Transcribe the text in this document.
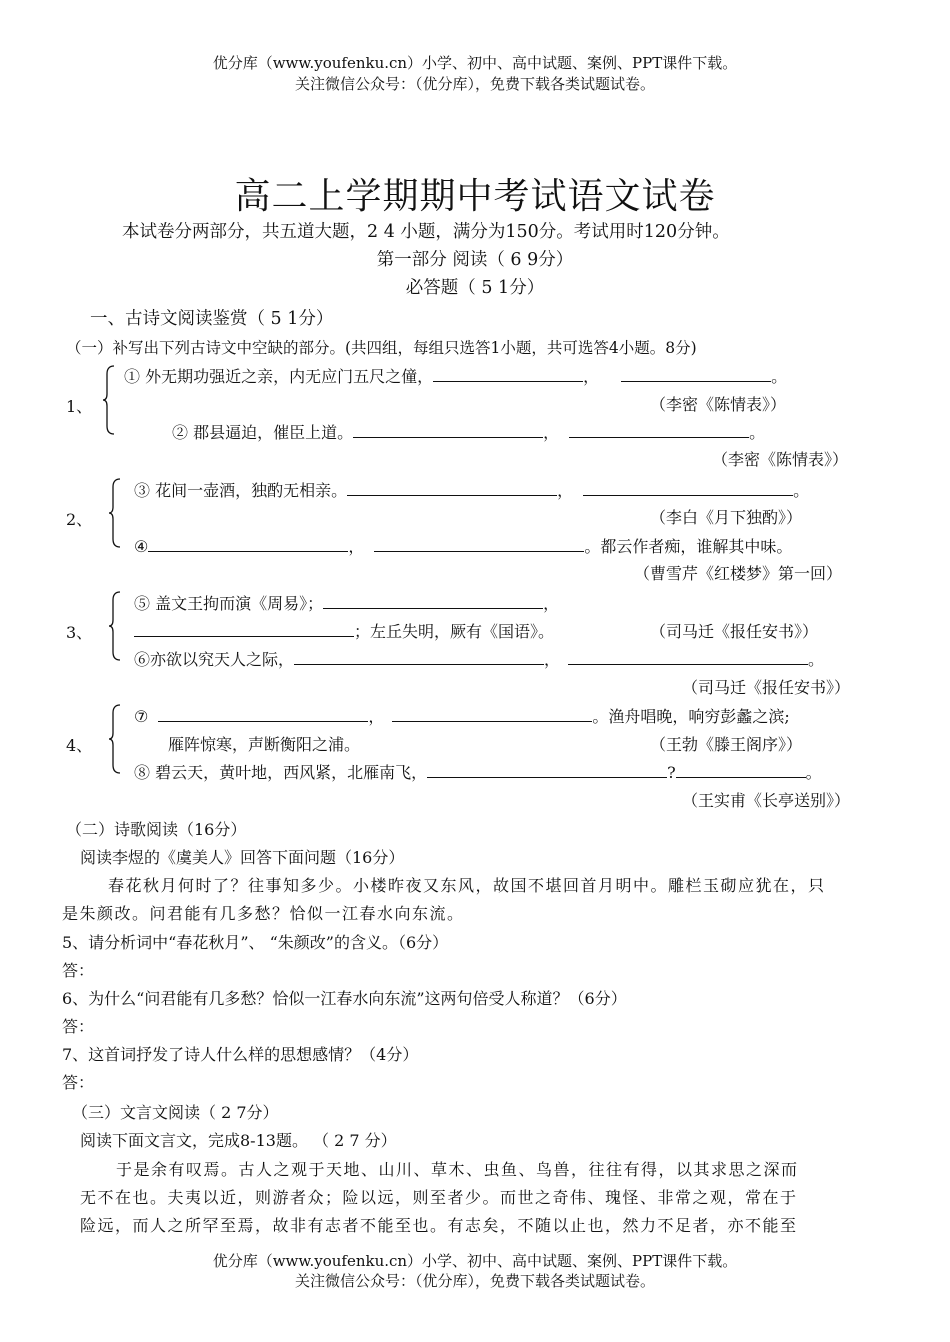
优分库（www.youfenku.cn）小学、初中、高中试题、案例、PPT课件下载。
关注微信公众号：（优分库），免费下载各类试题试卷。
高二上学期期中考试语文试卷
本试卷分两部分，共五道大题，2 4 小题，满分为150分。考试用时120分钟。
第一部分 阅读（ 6 9分）
必答题（ 5 1分）
一、古诗文阅读鉴赏（ 5 1分）
（一）补写出下列古诗文中空缺的部分。(共四组，每组只选答1小题，共可选答4小题。8分)
1、
① 外无期功强近之亲，内无应门五尺之僮，	，	。
（李密《陈情表》）
② 郡县逼迫，催臣上道。	，	。
（李密《陈情表》）
2、
③ 花间一壶酒，独酌无相亲。	，	。
（李白《月下独酌》）
④	，	。都云作者痴，谁解其中味。
（曹雪芹《红楼梦》第一回）
3、
⑤ 盖文王拘而演《周易》；	，
；左丘失明，厥有《国语》。	（司马迁《报任安书》）
⑥亦欲以究天人之际，	，	。
（司马迁《报任安书》）
4、
⑦	，	。渔舟唱晚，响穷彭蠡之滨;
雁阵惊寒，声断衡阳之浦。	（王勃《滕王阁序》）
⑧ 碧云天，黄叶地，西风紧，北雁南飞，	?	。
（王实甫《长亭送别》）
（二）诗歌阅读（16分）
阅读李煜的《虞美人》回答下面问题（16分）
春花秋月何时了？往事知多少。小楼昨夜又东风，故国不堪回首月明中。雕栏玉砌应犹在，只
是朱颜改。问君能有几多愁？恰似一江春水向东流。
5、请分析词中“春花秋月”、 “朱颜改”的含义。（6分）
答：
6、为什么“问君能有几多愁？恰似一江春水向东流”这两句倍受人称道？（6分）
答：
7、这首词抒发了诗人什么样的思想感情？（4分）
答：
（三）文言文阅读（ 2 7分）
阅读下面文言文，完成8-13题。 （ 2 7 分）
于是余有叹焉。古人之观于天地、山川、草木、虫鱼、鸟兽，往往有得，以其求思之深而
无不在也。夫夷以近，则游者众；险以远，则至者少。而世之奇伟、瑰怪、非常之观，常在于
险远，而人之所罕至焉，故非有志者不能至也。有志矣，不随以止也，然力不足者，亦不能至
优分库（www.youfenku.cn）小学、初中、高中试题、案例、PPT课件下载。
关注微信公众号：（优分库），免费下载各类试题试卷。
